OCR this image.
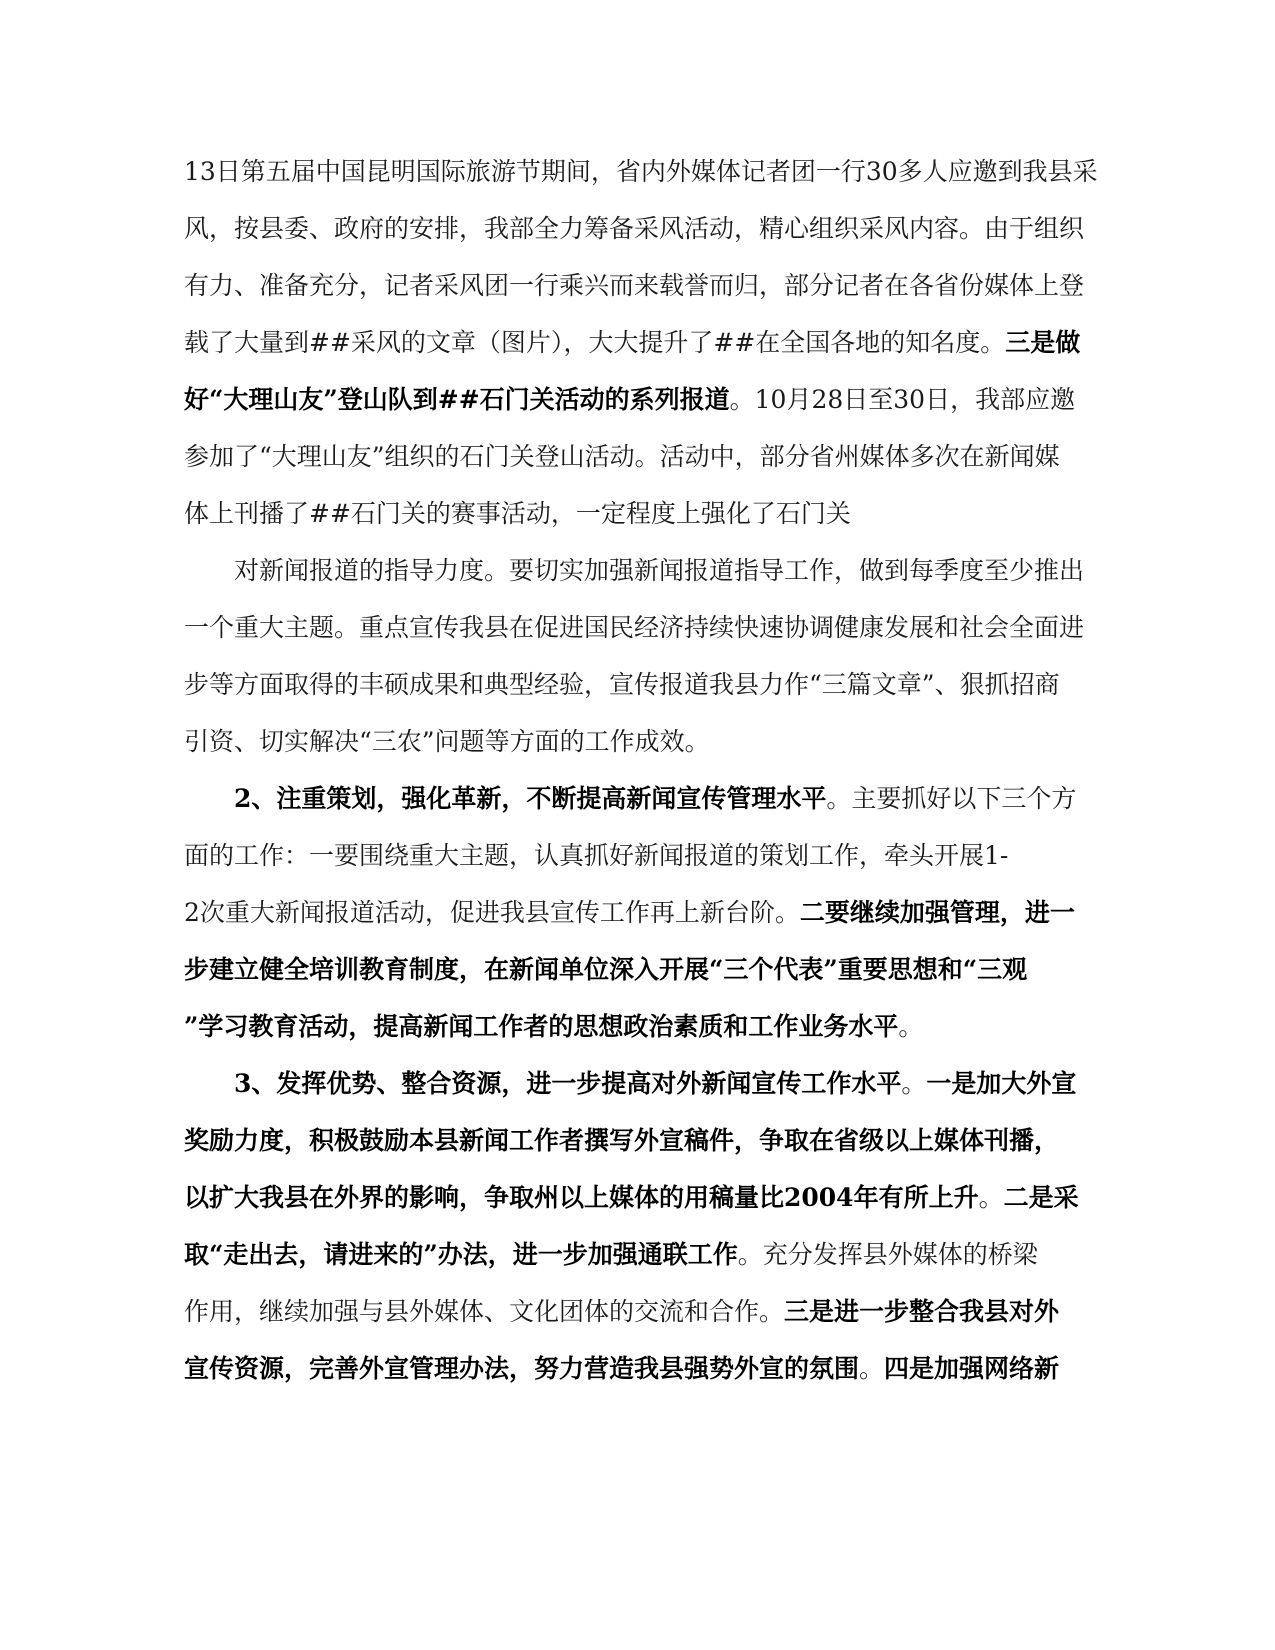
13日第五届中国昆明国际旅游节期间，省内外媒体记者团一行30多人应邀到我县采
风，按县委、政府的安排，我部全力筹备采风活动，精心组织采风内容。由于组织
有力、准备充分，记者采风团一行乘兴而来载誉而归，部分记者在各省份媒体上登
载了大量到##采风的文章（图片），大大提升了##在全国各地的知名度。三是做
好“大理山友”登山队到##石门关活动的系列报道。10月28日至30日，我部应邀
参加了“大理山友”组织的石门关登山活动。活动中，部分省州媒体多次在新闻媒
体上刊播了##石门关的赛事活动，一定程度上强化了石门关
对新闻报道的指导力度。要切实加强新闻报道指导工作，做到每季度至少推出
一个重大主题。重点宣传我县在促进国民经济持续快速协调健康发展和社会全面进
步等方面取得的丰硕成果和典型经验，宣传报道我县力作“三篇文章”、狠抓招商
引资、切实解决“三农”问题等方面的工作成效。
2、注重策划，强化革新，不断提高新闻宣传管理水平。主要抓好以下三个方
面的工作：一要围绕重大主题，认真抓好新闻报道的策划工作，牵头开展1-
2次重大新闻报道活动，促进我县宣传工作再上新台阶。二要继续加强管理，进一
步建立健全培训教育制度，在新闻单位深入开展“三个代表”重要思想和“三观
”学习教育活动，提高新闻工作者的思想政治素质和工作业务水平。
3、发挥优势、整合资源，进一步提高对外新闻宣传工作水平。一是加大外宣
奖励力度，积极鼓励本县新闻工作者撰写外宣稿件，争取在省级以上媒体刊播，
以扩大我县在外界的影响，争取州以上媒体的用稿量比2004年有所上升。二是采
取“走出去，请进来的”办法，进一步加强通联工作。充分发挥县外媒体的桥梁
作用，继续加强与县外媒体、文化团体的交流和合作。三是进一步整合我县对外
宣传资源，完善外宣管理办法，努力营造我县强势外宣的氛围。四是加强网络新
